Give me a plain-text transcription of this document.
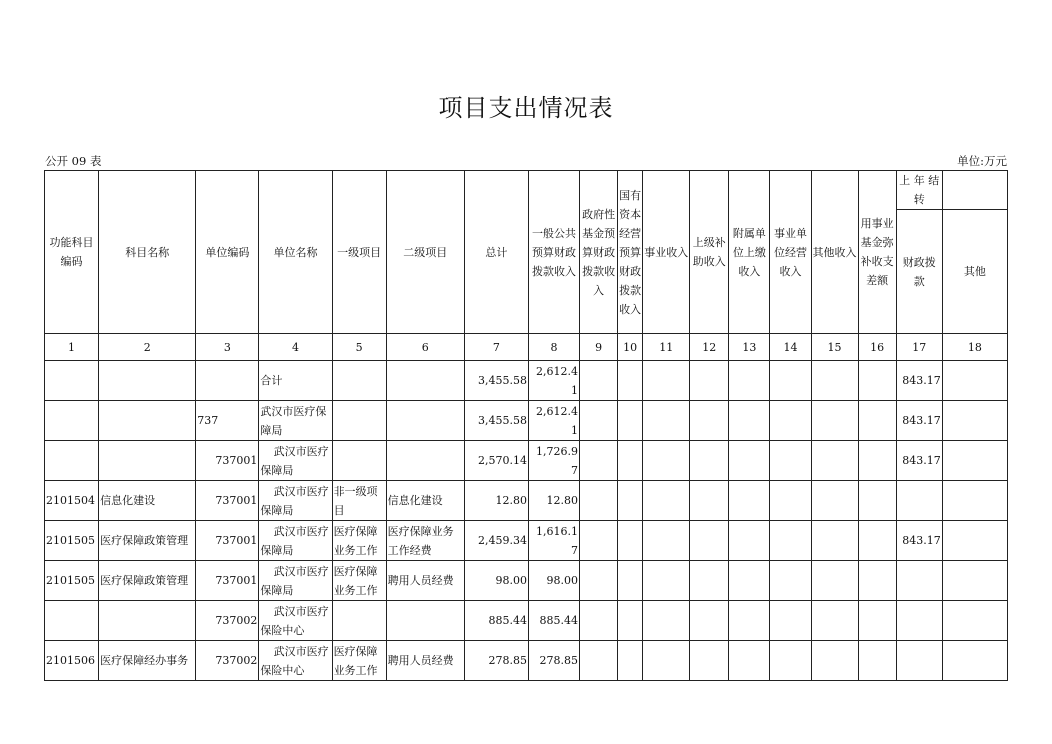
项目支出情况表
公开 09 表	单位:万元
功能科目编码	科目名称	单位编码	单位名称	一级项目	二级项目	总计	一般公共预算财政拨款收入	政府性基金预算财政拨款收入	国有资本经营预算财政拨款收入	事业收入	上级补助收入	附属单位上缴收入	事业单位经营收入	其他收入	用事业基金弥补收支差额	上 年 结 转	
																财政拨款	其他
1	2	3	4	5	6	7	8	9	10	11	12	13	14	15	16	17	18
			合计			3,455.58	2,612.41									843.17	
		737	武汉市医疗保障局			3,455.58	2,612.41									843.17	
		737001	武汉市医疗保障局			2,570.14	1,726.97									843.17	
2101504	信息化建设	737001	武汉市医疗保障局	非一级项目	信息化建设	12.80	12.80										
2101505	医疗保障政策管理	737001	武汉市医疗保障局	医疗保障业务工作	医疗保障业务工作经费	2,459.34	1,616.17									843.17	
2101505	医疗保障政策管理	737001	武汉市医疗保障局	医疗保障业务工作	聘用人员经费	98.00	98.00										
		737002	武汉市医疗保险中心			885.44	885.44										
2101506	医疗保障经办事务	737002	武汉市医疗保险中心	医疗保障业务工作	聘用人员经费	278.85	278.85										
